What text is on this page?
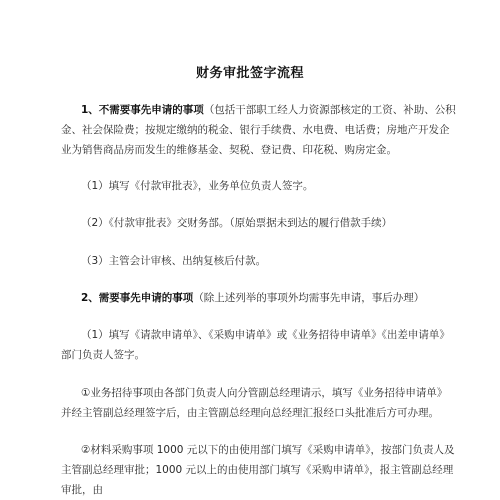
财务审批签字流程
1、不需要事先申请的事项（包括干部职工经人力资源部核定的工资、补助、公积金、社会保险费；按规定缴纳的税金、银行手续费、水电费、电话费；房地产开发企业为销售商品房而发生的维修基金、契税、登记费、印花税、购房定金。
（1）填写《付款审批表》，业务单位负责人签字。
（2）《付款审批表》交财务部。（原始票据未到达的履行借款手续）
（3）主管会计审核、出纳复核后付款。
2、需要事先申请的事项（除上述列举的事项外均需事先申请，事后办理）
（1）填写《请款申请单》、《采购申请单》或《业务招待申请单》《出差申请单》部门负责人签字。
①业务招待事项由各部门负责人向分管副总经理请示，填写《业务招待申请单》并经主管副总经理签字后，由主管副总经理向总经理汇报经口头批准后方可办理。
②材料采购事项 1000 元以下的由使用部门填写《采购申请单》，按部门负责人及主管副总经理审批；1000 元以上的由使用部门填写《采购申请单》，报主管副总经理审批，由
